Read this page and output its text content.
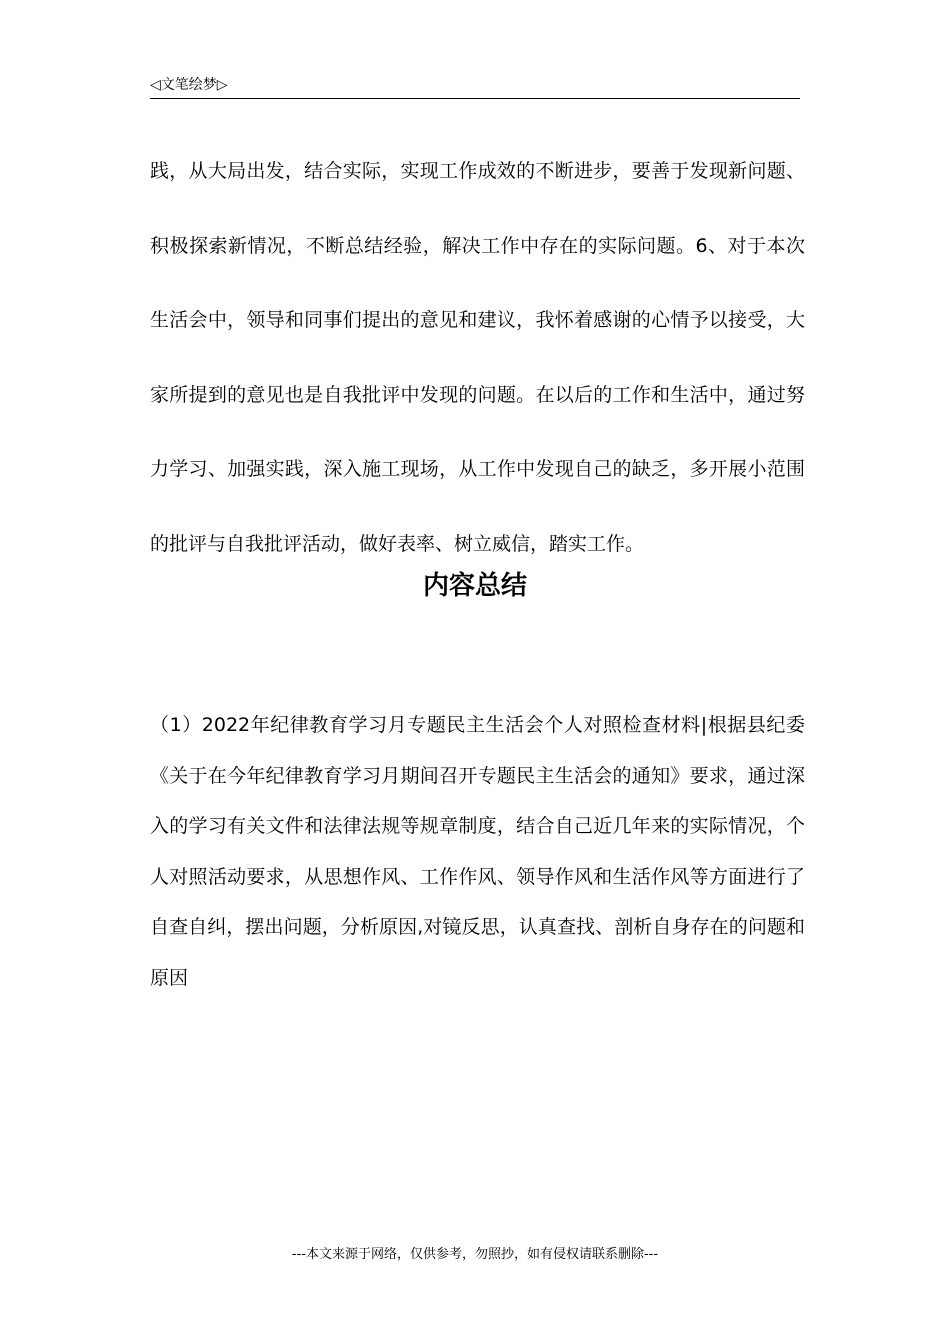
◁文笔绘梦▷

践，从大局出发，结合实际，实现工作成效的不断进步，要善于发现新问题、积极探索新情况，不断总结经验，解决工作中存在的实际问题。6、对于本次生活会中，领导和同事们提出的意见和建议，我怀着感谢的心情予以接受，大家所提到的意见也是自我批评中发现的问题。在以后的工作和生活中，通过努力学习、加强实践，深入施工现场，从工作中发现自己的缺乏，多开展小范围的批评与自我批评活动，做好表率、树立威信，踏实工作。

内容总结

（1）2022年纪律教育学习月专题民主生活会个人对照检查材料|根据县纪委《关于在今年纪律教育学习月期间召开专题民主生活会的通知》要求，通过深入的学习有关文件和法律法规等规章制度，结合自己近几年来的实际情况，个人对照活动要求，从思想作风、工作作风、领导作风和生活作风等方面进行了自查自纠，摆出问题，分析原因,对镜反思，认真查找、剖析自身存在的问题和原因

---本文来源于网络，仅供参考，勿照抄，如有侵权请联系删除---
